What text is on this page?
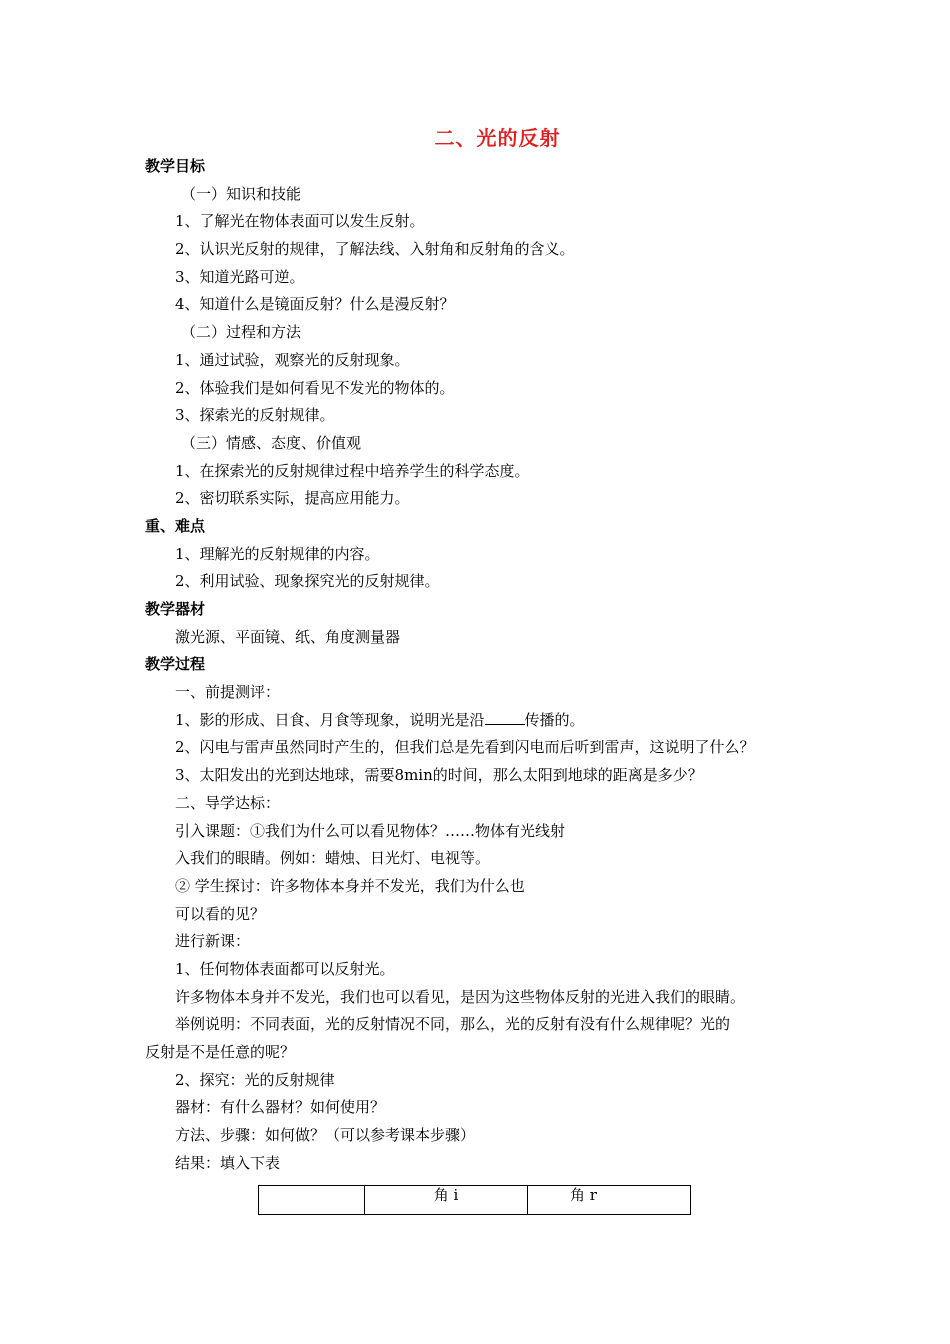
二、光的反射
教学目标
（一）知识和技能
1、了解光在物体表面可以发生反射。
2、认识光反射的规律，了解法线、入射角和反射角的含义。
3、知道光路可逆。
4、知道什么是镜面反射？什么是漫反射？
（二）过程和方法
1、通过试验，观察光的反射现象。
2、体验我们是如何看见不发光的物体的。
3、探索光的反射规律。
（三）情感、态度、价值观
1、在探索光的反射规律过程中培养学生的科学态度。
2、密切联系实际，提高应用能力。
重、难点
1、理解光的反射规律的内容。
2、利用试验、现象探究光的反射规律。
教学器材
激光源、平面镜、纸、角度测量器
教学过程
一、前提测评：
1、影的形成、日食、月食等现象，说明光是沿	传播的。
2、闪电与雷声虽然同时产生的，但我们总是先看到闪电而后听到雷声，这说明了什么？
3、太阳发出的光到达地球，需要8min的时间，那么太阳到地球的距离是多少？
二、导学达标：
引入课题：①我们为什么可以看见物体？……物体有光线射
入我们的眼睛。例如：蜡烛、日光灯、电视等。
② 学生探讨：许多物体本身并不发光，我们为什么也
可以看的见？
进行新课：
1、任何物体表面都可以反射光。
许多物体本身并不发光，我们也可以看见，是因为这些物体反射的光进入我们的眼睛。
举例说明：不同表面，光的反射情况不同，那么，光的反射有没有什么规律呢？光的
反射是不是任意的呢？
2、探究：光的反射规律
器材：有什么器材？如何使用？
方法、步骤：如何做？（可以参考课本步骤）
结果：填入下表
	角 i	角 r
